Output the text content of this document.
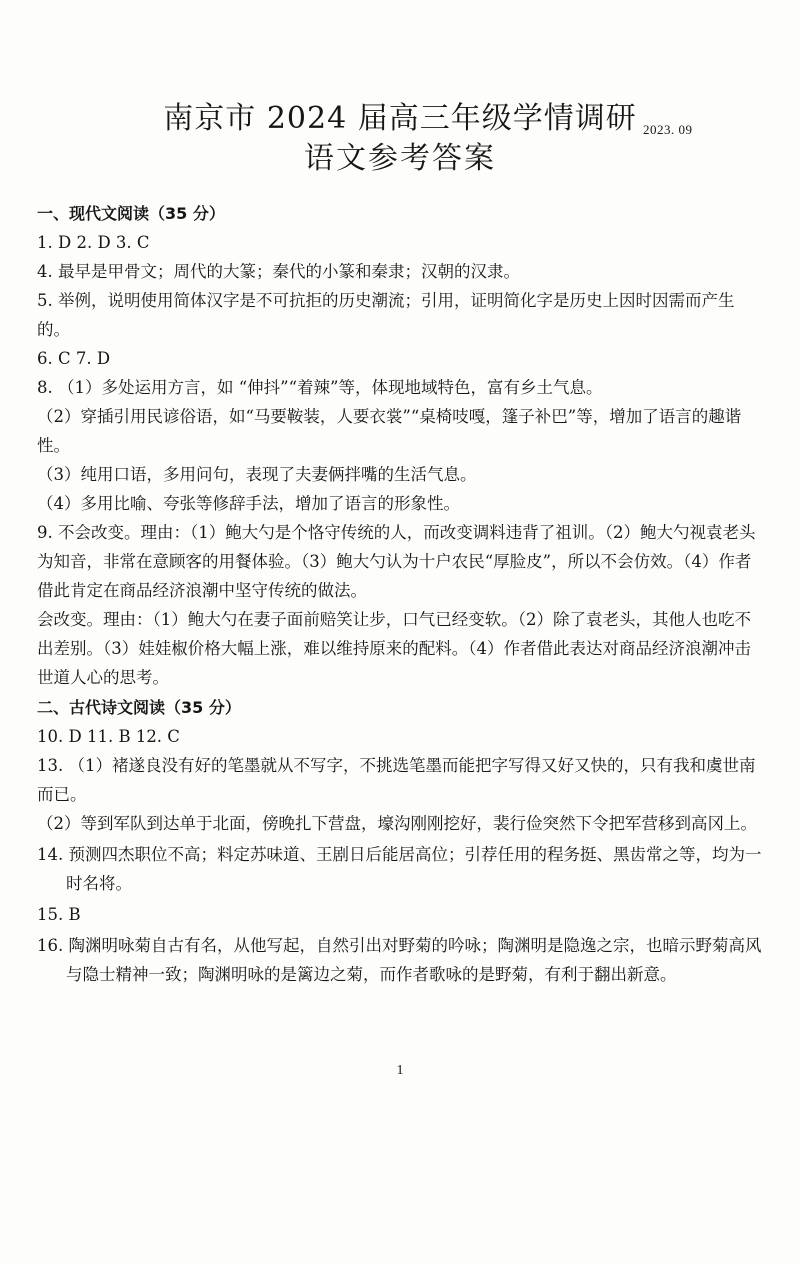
南京市 2024 届高三年级学情调研
语文参考答案
2023. 09
一、现代文阅读（35 分）

1. D 2. D 3. C

4. 最早是甲骨文；周代的大篆；秦代的小篆和秦隶；汉朝的汉隶。

5. 举例，说明使用简体汉字是不可抗拒的历史潮流；引用，证明简化字是历史上因时因需而产生的。

6. C 7. D

8. （1）多处运用方言，如 “伸抖”“着辣”等，体现地域特色，富有乡土气息。

（2）穿插引用民谚俗语，如“马要鞍装，人要衣裳”“桌椅吱嘎，篷子补巴”等，增加了语言的趣谐性。

（3）纯用口语，多用问句，表现了夫妻俩拌嘴的生活气息。

（4）多用比喻、夸张等修辞手法，增加了语言的形象性。

9. 不会改变。理由：（1）鲍大勺是个恪守传统的人，而改变调料违背了祖训。（2）鲍大勺视袁老头为知音，非常在意顾客的用餐体验。（3）鲍大勺认为十户农民“厚脸皮”，所以不会仿效。（4）作者借此肯定在商品经济浪潮中坚守传统的做法。

会改变。理由：（1）鲍大勺在妻子面前赔笑让步，口气已经变软。（2）除了袁老头，其他人也吃不出差别。（3）娃娃椒价格大幅上涨，难以维持原来的配料。（4）作者借此表达对商品经济浪潮冲击世道人心的思考。

二、古代诗文阅读（35 分）

10. D 11. B 12. C

13. （1）褚遂良没有好的笔墨就从不写字，不挑选笔墨而能把字写得又好又快的，只有我和虞世南而已。

（2）等到军队到达单于北面，傍晚扎下营盘，壕沟刚刚挖好，裴行俭突然下令把军营移到高冈上。

14. 预测四杰职位不高；料定苏味道、王剧日后能居高位；引荐任用的程务挺、黑齿常之等，均为一时名将。

15. B

16. 陶渊明咏菊自古有名，从他写起，自然引出对野菊的吟咏；陶渊明是隐逸之宗，也暗示野菊高风与隐士精神一致；陶渊明咏的是篱边之菊，而作者歌咏的是野菊，有利于翻出新意。

1
